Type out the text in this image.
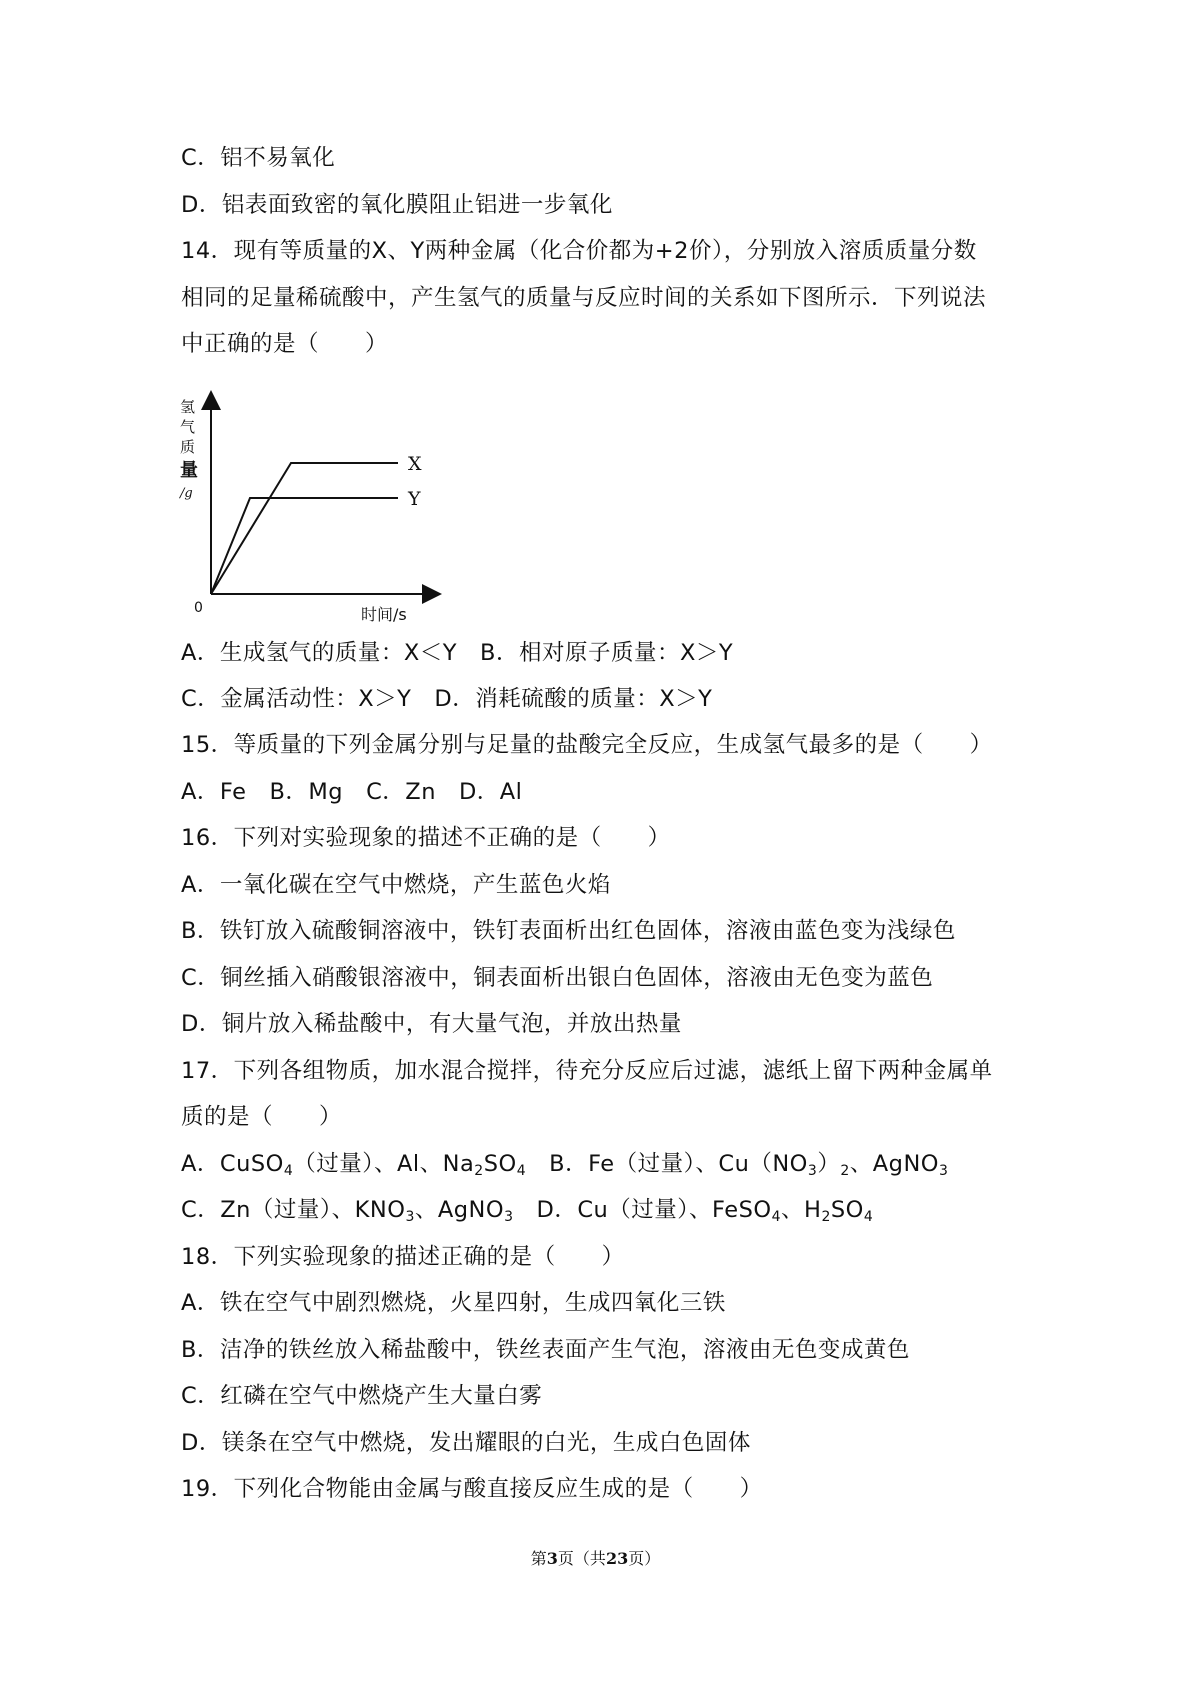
C．铝不易氧化
D．铝表面致密的氧化膜阻止铝进一步氧化
14．现有等质量的X、Y两种金属（化合价都为+2价），分别放入溶质质量分数
相同的足量稀硫酸中，产生氢气的质量与反应时间的关系如下图所示．下列说法
中正确的是（　　）
氢
气
质
量
/g
0	时间/s
X
Y
A．生成氢气的质量：X＜Y　B．相对原子质量：X＞Y
C．金属活动性：X＞Y　D．消耗硫酸的质量：X＞Y
15．等质量的下列金属分别与足量的盐酸完全反应，生成氢气最多的是（　　）
A．Fe　B．Mg　C．Zn　D．Al
16．下列对实验现象的描述不正确的是（　　）
A．一氧化碳在空气中燃烧，产生蓝色火焰
B．铁钉放入硫酸铜溶液中，铁钉表面析出红色固体，溶液由蓝色变为浅绿色
C．铜丝插入硝酸银溶液中，铜表面析出银白色固体，溶液由无色变为蓝色
D．铜片放入稀盐酸中，有大量气泡，并放出热量
17．下列各组物质，加水混合搅拌，待充分反应后过滤，滤纸上留下两种金属单
质的是（　　）
A．CuSO$_4$（过量）、Al、$Na_2SO_4$　B．Fe（过量）、$Cu(NO_3)_2$、AgNO$_3$
C．Zn（过量）、$KNO_3$、AgNO$_3$　D．Cu（过量）、FeSO$_4$、$H_2SO_4$
18．下列实验现象的描述正确的是（　　）
A．铁在空气中剧烈燃烧，火星四射，生成四氧化三铁
B．洁净的铁丝放入稀盐酸中，铁丝表面产生气泡，溶液由无色变成黄色
C．红磷在空气中燃烧产生大量白雾
D．镁条在空气中燃烧，发出耀眼的白光，生成白色固体
19．下列化合物能由金属与酸直接反应生成的是（　　）
第3页（共23页）
